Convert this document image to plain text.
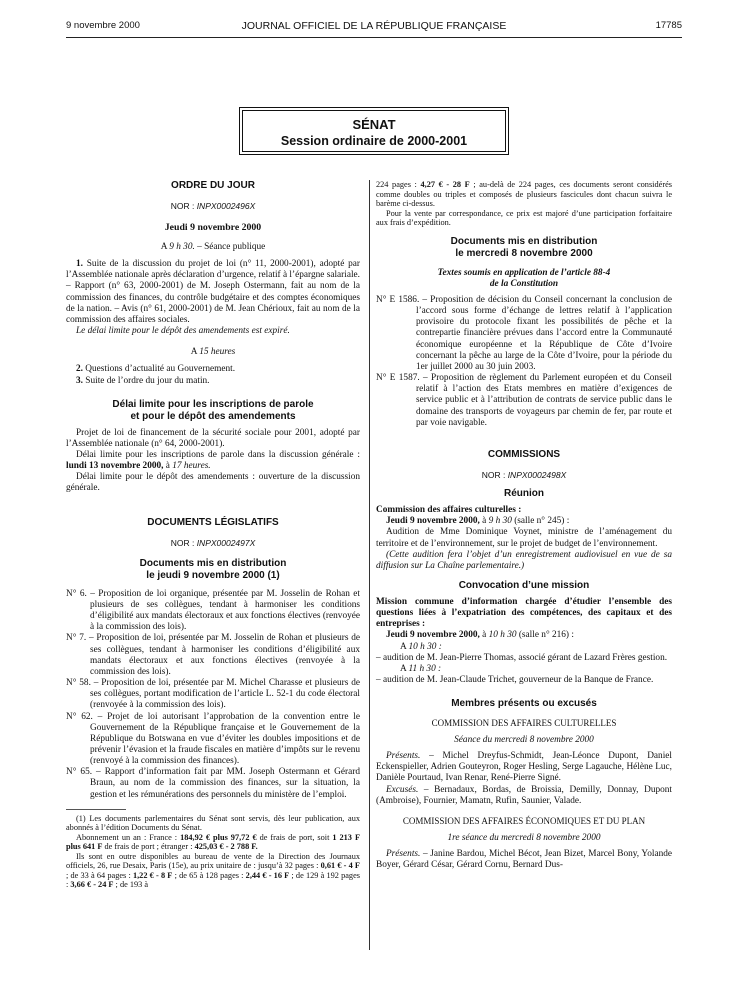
9 novembre 2000	JOURNAL OFFICIEL DE LA RÉPUBLIQUE FRANÇAISE	17785
SÉNAT
Session ordinaire de 2000-2001
ORDRE DU JOUR
NOR : INPX0002496X
Jeudi 9 novembre 2000
A 9 h 30. – Séance publique

1. Suite de la discussion du projet de loi (n° 11, 2000-2001), adopté par l’Assemblée nationale après déclaration d’urgence, relatif à l’épargne salariale. – Rapport (n° 63, 2000-2001) de M. Joseph Ostermann, fait au nom de la commission des finances, du contrôle budgétaire et des comptes économiques de la nation. – Avis (n° 61, 2000-2001) de M. Jean Chérioux, fait au nom de la commission des affaires sociales.

Le délai limite pour le dépôt des amendements est expiré.

A 15 heures

2. Questions d’actualité au Gouvernement.

3. Suite de l’ordre du jour du matin.

Délai limite pour les inscriptions de parole
et pour le dépôt des amendements

Projet de loi de financement de la sécurité sociale pour 2001, adopté par l’Assemblée nationale (n° 64, 2000-2001).

Délai limite pour les inscriptions de parole dans la discussion générale : lundi 13 novembre 2000, à 17 heures.

Délai limite pour le dépôt des amendements : ouverture de la discussion générale.

DOCUMENTS LÉGISLATIFS
NOR : INPX0002497X
Documents mis en distribution
le jeudi 9 novembre 2000 (1)

N° 6. – Proposition de loi organique, présentée par M. Josselin de Rohan et plusieurs de ses collègues, tendant à harmoniser les conditions d’éligibilité aux mandats électoraux et aux fonctions électives (renvoyée à la commission des lois).

N° 7. – Proposition de loi, présentée par M. Josselin de Rohan et plusieurs de ses collègues, tendant à harmoniser les conditions d’éligibilité aux mandats électoraux et aux fonctions électives (renvoyée à la commission des lois).

N° 58. – Proposition de loi, présentée par M. Michel Charasse et plusieurs de ses collègues, portant modification de l’article L. 52-1 du code électoral (renvoyée à la commission des lois).

N° 62. – Projet de loi autorisant l’approbation de la convention entre le Gouvernement de la République française et le Gouvernement de la République du Botswana en vue d’éviter les doubles impositions et de prévenir l’évasion et la fraude fiscales en matière d’impôts sur le revenu (renvoyé à la commission des finances).

N° 65. – Rapport d’information fait par MM. Joseph Ostermann et Gérard Braun, au nom de la commission des finances, sur la situation, la gestion et les rémunérations des personnels du ministère de l’emploi.

(1) Les documents parlementaires du Sénat sont servis, dès leur publication, aux abonnés à l’édition Documents du Sénat.

Abonnement un an : France : 184,92 € plus 97,72 € de frais de port, soit 1 213 F plus 641 F de frais de port ; étranger : 425,03 € - 2 788 F.

Ils sont en outre disponibles au bureau de vente de la Direction des Journaux officiels, 26, rue Desaix, Paris (15e), au prix unitaire de : jusqu’à 32 pages : 0,61 € - 4 F ; de 33 à 64 pages : 1,22 € - 8 F ; de 65 à 128 pages : 2,44 € - 16 F ; de 129 à 192 pages : 3,66 € - 24 F ; de 193 à

224 pages : 4,27 € - 28 F ; au-delà de 224 pages, ces documents seront considérés comme doubles ou triples et composés de plusieurs fascicules dont chacun suivra le barème ci-dessus.

Pour la vente par correspondance, ce prix est majoré d’une participation forfaitaire aux frais d’expédition.

Documents mis en distribution
le mercredi 8 novembre 2000
Textes soumis en application de l’article 88-4
de la Constitution

N° E 1586. – Proposition de décision du Conseil concernant la conclusion de l’accord sous forme d’échange de lettres relatif à l’application provisoire du protocole fixant les possibilités de pêche et la contrepartie financière prévues dans l’accord entre la Communauté économique européenne et la République de Côte d’Ivoire concernant la pêche au large de la Côte d’Ivoire, pour la période du 1er juillet 2000 au 30 juin 2003.

N° E 1587. – Proposition de règlement du Parlement européen et du Conseil relatif à l’action des Etats membres en matière d’exigences de service public et à l’attribution de contrats de service public dans le domaine des transports de voyageurs par chemin de fer, par route et par voie navigable.

COMMISSIONS
NOR : INPX0002498X
Réunion

Commission des affaires culturelles :

Jeudi 9 novembre 2000, à 9 h 30 (salle n° 245) :

Audition de Mme Dominique Voynet, ministre de l’aménagement du territoire et de l’environnement, sur le projet de budget de l’environnement.

(Cette audition fera l’objet d’un enregistrement audiovisuel en vue de sa diffusion sur La Chaîne parlementaire.)

Convocation d’une mission

Mission commune d’information chargée d’étudier l’ensemble des questions liées à l’expatriation des compétences, des capitaux et des entreprises :

Jeudi 9 novembre 2000, à 10 h 30 (salle n° 216) :

A 10 h 30 :

– audition de M. Jean-Pierre Thomas, associé gérant de Lazard Frères gestion.

A 11 h 30 :

– audition de M. Jean-Claude Trichet, gouverneur de la Banque de France.

Membres présents ou excusés
COMMISSION DES AFFAIRES CULTURELLES
Séance du mercredi 8 novembre 2000

Présents. – Michel Dreyfus-Schmidt, Jean-Léonce Dupont, Daniel Eckenspieller, Adrien Gouteyron, Roger Hesling, Serge Lagauche, Hélène Luc, Danièle Pourtaud, Ivan Renar, René-Pierre Signé.

Excusés. – Bernadaux, Bordas, de Broissia, Demilly, Donnay, Dupont (Ambroise), Fournier, Mamatn, Rufin, Saunier, Valade.

COMMISSION DES AFFAIRES ÉCONOMIQUES ET DU PLAN
1re séance du mercredi 8 novembre 2000

Présents. – Janine Bardou, Michel Bécot, Jean Bizet, Marcel Bony, Yolande Boyer, Gérard César, Gérard Cornu, Bernard Dus-
